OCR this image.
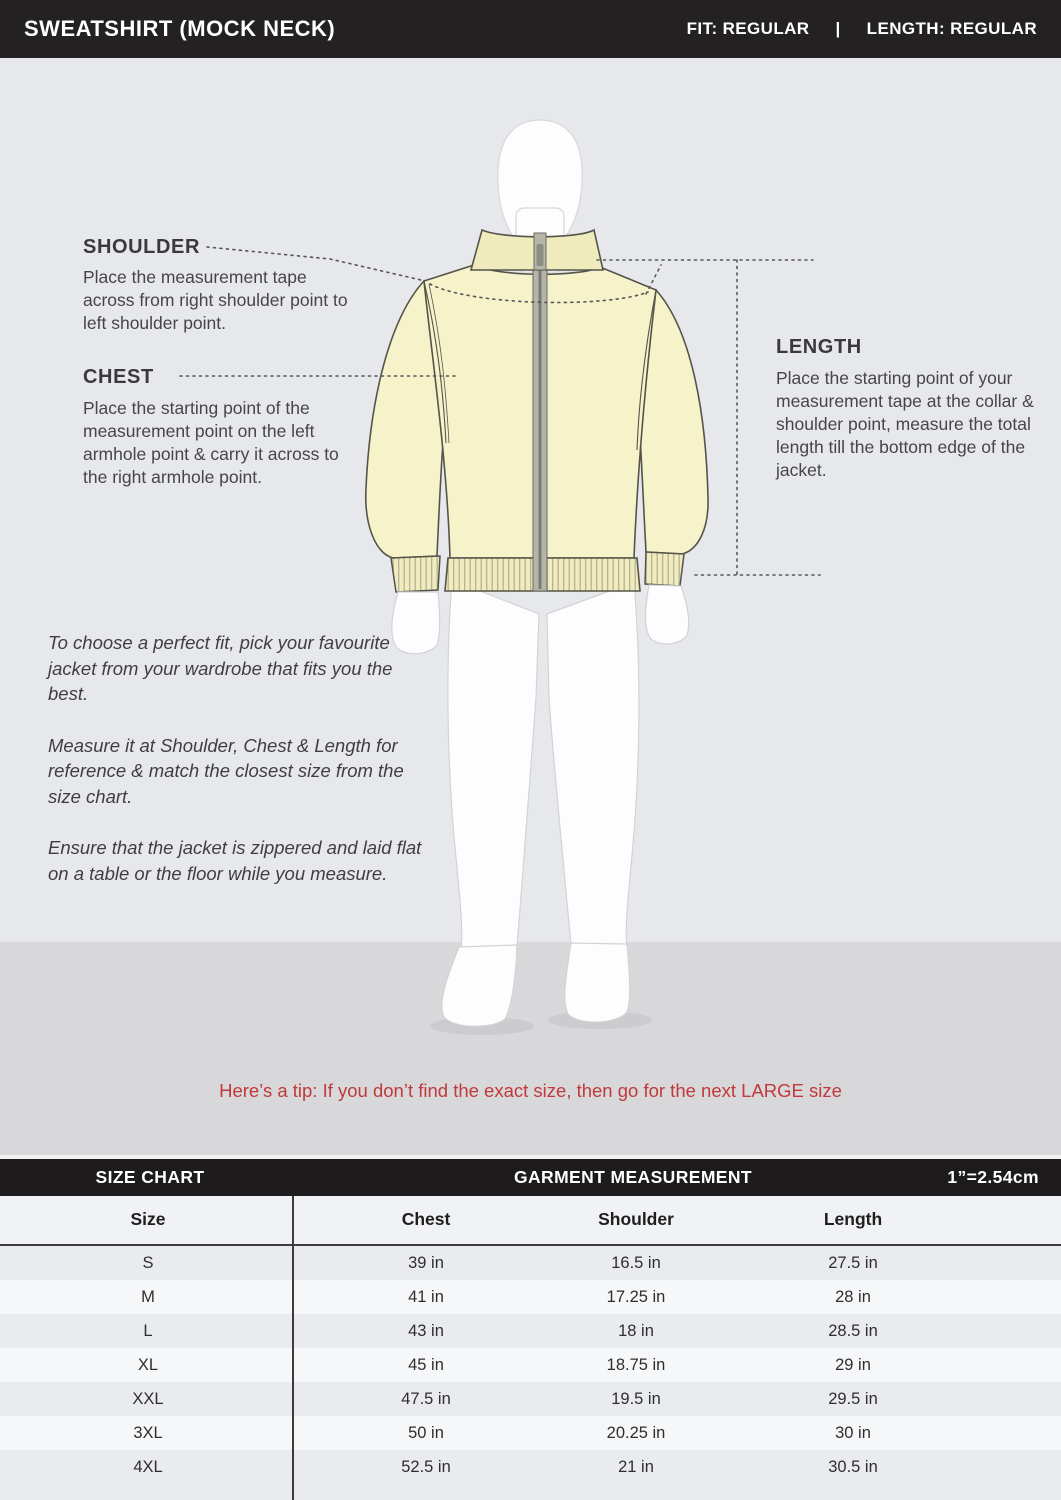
SWEATSHIRT (MOCK NECK)	FIT: REGULAR | LENGTH: REGULAR
SHOULDER
Place the measurement tape across from right shoulder point to left shoulder point.
CHEST
Place the starting point of the measurement point on the left armhole point & carry it across to the right armhole point.
LENGTH
Place the starting point of your measurement tape at the collar & shoulder point, measure the total length till the bottom edge of the jacket.

To choose a perfect fit, pick your favourite jacket from your wardrobe that fits you the best.

Measure it at Shoulder, Chest & Length for reference & match the closest size from the size chart.

Ensure that the jacket is zippered and laid flat on a table or the floor while you measure.

Here’s a tip: If you don’t find the exact size, then go for the next LARGE size
SIZE CHART	GARMENT MEASUREMENT	1”=2.54cm
Size	Chest	Shoulder	Length
S	39 in	16.5 in	27.5 in
M	41 in	17.25 in	28 in
L	43 in	18 in	28.5 in
XL	45 in	18.75 in	29 in
XXL	47.5 in	19.5 in	29.5 in
3XL	50 in	20.25 in	30 in
4XL	52.5 in	21 in	30.5 in
